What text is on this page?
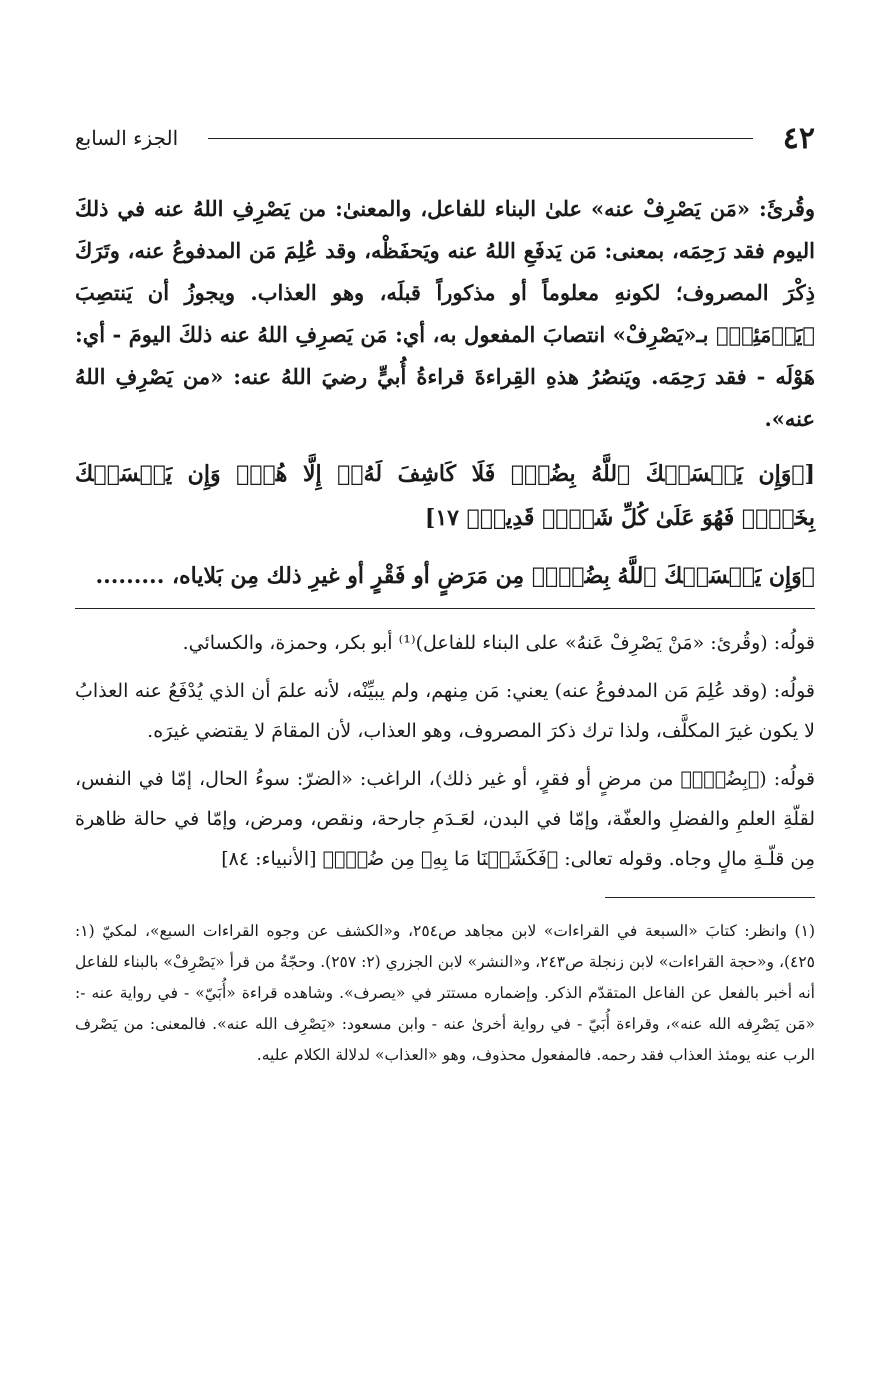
٤٢
الجزء السابع

وقُرئَ: «مَن يَصْرِفْ عنه» علىٰ البناء للفاعل، والمعنىٰ: من يَصْرِفِ اللهُ عنه في ذلكَ اليوم فقد رَحِمَه، بمعنى: مَن يَدفَعِ اللهُ عنه ويَحفَظْه، وقد عُلِمَ مَن المدفوعُ عنه، وتَرَكَ ذِكْرَ المصروف؛ لكونهِ معلوماً أو مذكوراً قبلَه، وهو العذاب. ويجوزُ أن يَنتصِبَ ﴿يَوۡمَئِذٖ﴾ بـ«يَصْرِفْ» انتصابَ المفعول به، أي: مَن يَصرِفِ اللهُ عنه ذلكَ اليومَ - أي: هَوْلَه - فقد رَحِمَه. ويَنصُرُ هذهِ القِراءةَ قراءةُ أُبيٍّ رضيَ اللهُ عنه: «من يَصْرِفِ اللهُ عنه».

[﴿وَإِن يَمۡسَسۡكَ ٱللَّهُ بِضُرّٖ فَلَا كَاشِفَ لَهُۥٓ إِلَّا هُوَۖ وَإِن يَمۡسَسۡكَ بِخَيۡرٖ فَهُوَ عَلَىٰ كُلِّ شَيۡءٖ قَدِيرٞ﴾ ١٧]

﴿وَإِن يَمۡسَسۡكَ ٱللَّهُ بِضُرّٖ﴾ مِن مَرَضٍ أو فَقْرٍ أو غيرِ ذلك مِن بَلاياه، .........

قولُه: (وقُرئ: «مَنْ يَصْرِفْ عَنهُ» على البناء للفاعل)⁽¹⁾ أبو بكر، وحمزة، والكسائي.

قولُه: (وقد عُلِمَ مَن المدفوعُ عنه) يعني: مَن مِنهم، ولم يبيِّنْه، لأنه علمَ أن الذي يُدْفَعُ عنه العذابُ لا يكون غيرَ المكلَّف، ولذا ترك ذكرَ المصروف، وهو العذاب، لأن المقامَ لا يقتضي غيرَه.

قولُه: (﴿بِضُرّٖ﴾ من مرضٍ أو فقرٍ، أو غير ذلك)، الراغب: «الضرّ: سوءُ الحال، إمّا في النفس، لقلّةِ العلمِ والفضلِ والعفّة، وإمّا في البدن، لعَـدَمِ جارحة، ونقص، ومرض، وإمّا في حالة ظاهرة مِن قلّـةِ مالٍ وجاه. وقوله تعالى: ﴿فَكَشَفۡنَا مَا بِهِۦ مِن ضُرّٖ﴾ [الأنبياء: ٨٤]

(١) وانظر: كتابَ «السبعة في القراءات» لابن مجاهد ص٢٥٤، و«الكشف عن وجوه القراءات السبع»، لمكيّ (١: ٤٢٥)، و«حجة القراءات» لابن زنجلة ص٢٤٣، و«النشر» لابن الجزري (٢: ٢٥٧). وحجّةُ من قرأ «يَصْرِفْ» بالبناء للفاعل أنه أخبر بالفعل عن الفاعل المتقدّم الذكر. وإضماره مستتر في «يصرف». وشاهده قراءة «أُبَيّ» - في رواية عنه -: «مَن يَصْرِفه الله عنه»، وقراءة أُبَيّ - في رواية أخرىٰ عنه - وابن مسعود: «يَصْرِف الله عنه». فالمعنى: من يَصْرف الرب عنه يومئذ العذاب فقد رحمه. فالمفعول محذوف، وهو «العذاب» لدلالة الكلام عليه.
